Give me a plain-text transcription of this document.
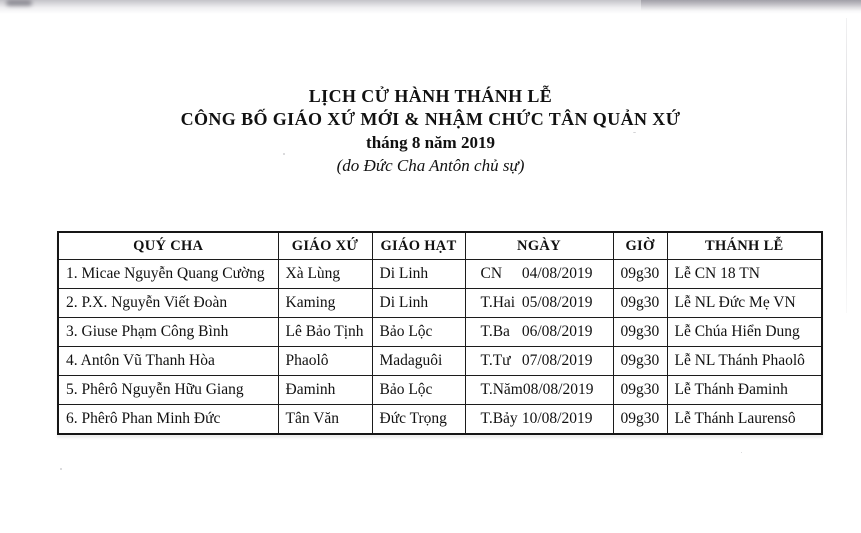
LỊCH CỬ HÀNH THÁNH LỄ
CÔNG BỐ GIÁO XỨ MỚI & NHẬM CHỨC TÂN QUẢN XỨ
tháng 8 năm 2019
(do Đức Cha Antôn chủ sự)
QUÝ CHA	GIÁO XỨ	GIÁO HẠT	NGÀY	GIỜ	THÁNH LỄ
1. Micae Nguyễn Quang Cường	Xà Lùng	Di Linh	CN 04/08/2019	09g30	Lễ CN 18 TN
2. P.X. Nguyễn Viết Đoàn	Kaming	Di Linh	T.Hai 05/08/2019	09g30	Lễ NL Đức Mẹ VN
3. Giuse Phạm Công Bình	Lê Bảo Tịnh	Bảo Lộc	T.Ba 06/08/2019	09g30	Lễ Chúa Hiển Dung
4. Antôn Vũ Thanh Hòa	Phaolô	Madaguôi	T.Tư 07/08/2019	09g30	Lễ NL Thánh Phaolô
5. Phêrô Nguyễn Hữu Giang	Đaminh	Bảo Lộc	T.Năm 08/08/2019	09g30	Lễ Thánh Đaminh
6. Phêrô Phan Minh Đức	Tân Văn	Đức Trọng	T.Bảy 10/08/2019	09g30	Lễ Thánh Laurensô
